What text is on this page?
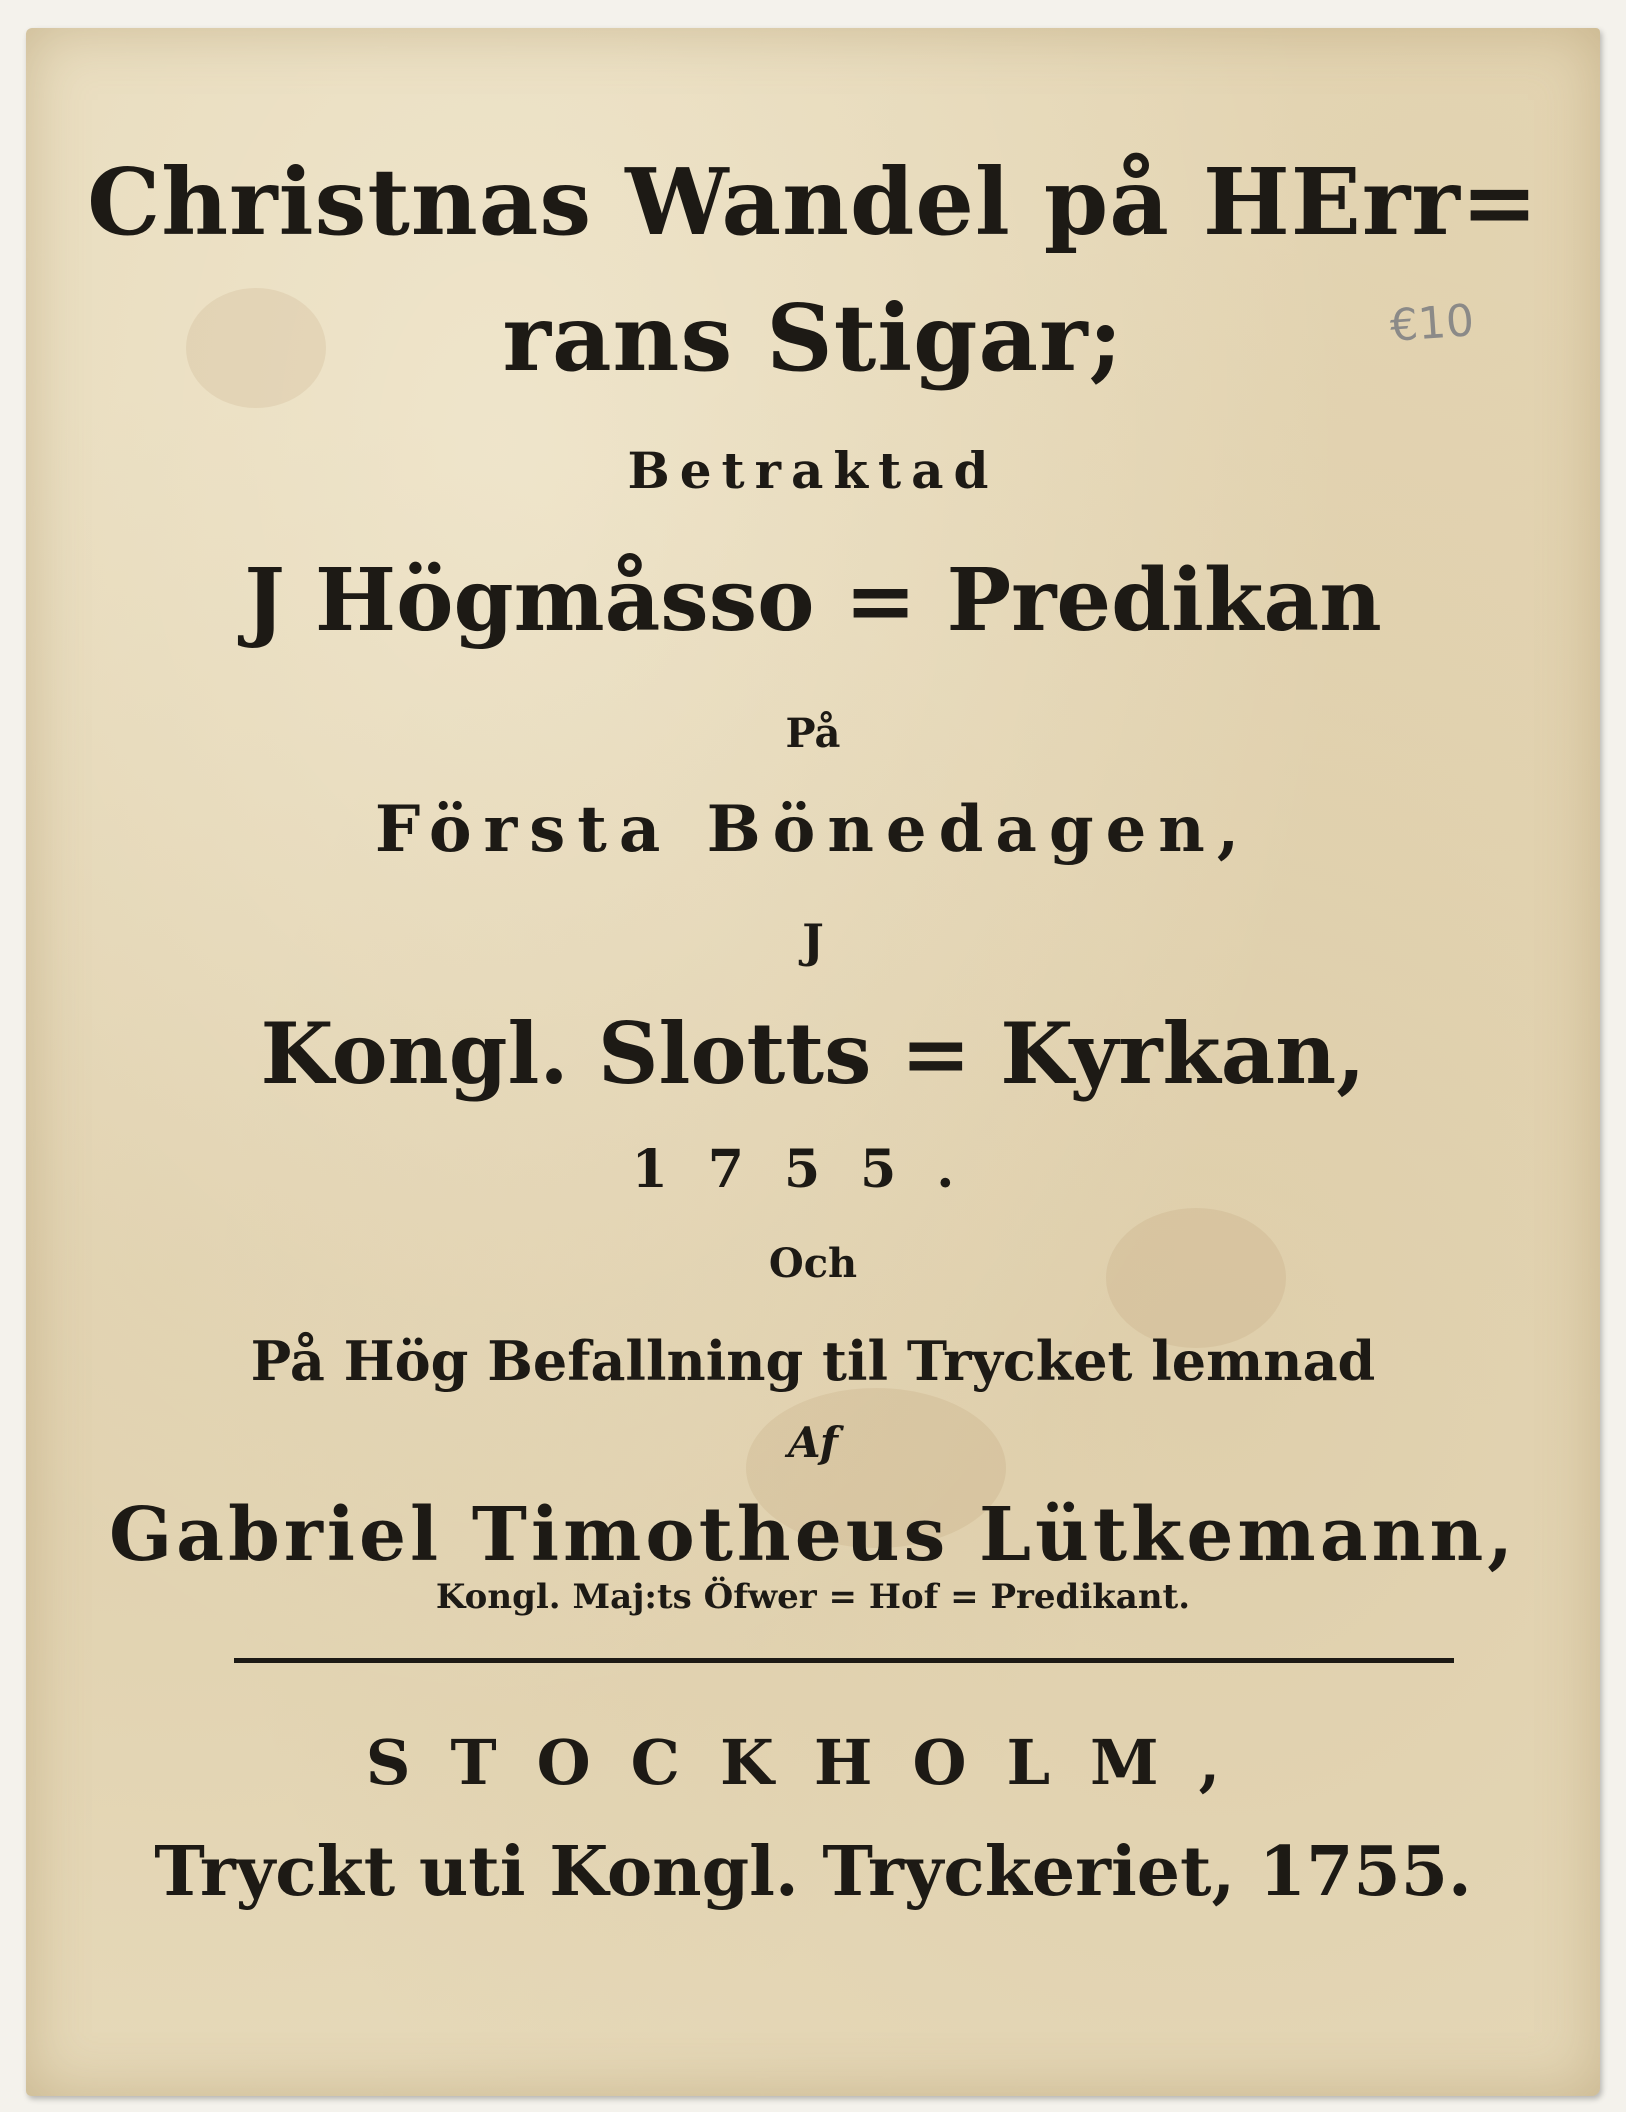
€10
Christnas Wandel på HErr=
rans Stigar;
Betraktad
J Högmåsso = Predikan
På
Första Bönedagen,
J
Kongl. Slotts = Kyrkan,
1755.
Och
På Hög Befallning til Trycket lemnad
Af
Gabriel Timotheus Lütkemann,
Kongl. Maj:ts Öfwer = Hof = Predikant.
STOCKHOLM,
Tryckt uti Kongl. Tryckeriet, 1755.
